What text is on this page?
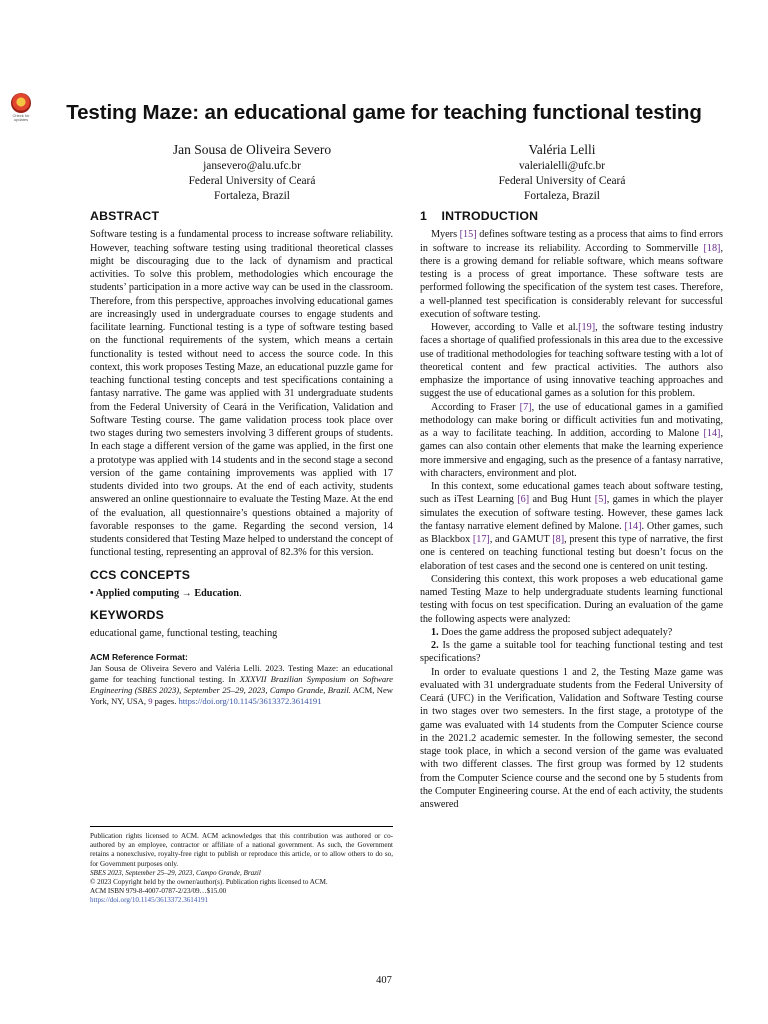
Check for updates	Testing Maze: an educational game for teaching functional testing
Jan Sousa de Oliveira Severo
jansevero@alu.ufc.br
Federal University of Ceará
Fortaleza, Brazil
Valéria Lelli
valerialelli@ufc.br
Federal University of Ceará
Fortaleza, Brazil
ABSTRACT

Software testing is a fundamental process to increase software reliability. However, teaching software testing using traditional theoretical classes might be discouraging due to the lack of dynamism and practical activities. To solve this problem, methodologies which encourage the students’ participation in a more active way can be used in the classroom. Therefore, from this perspective, approaches involving educational games are increasingly used in undergraduate courses to engage students and facilitate learning. Functional testing is a type of software testing based on the functional requirements of the system, which means a certain functionality is tested without need to access the source code. In this context, this work proposes Testing Maze, an educational puzzle game for teaching functional testing concepts and test specifications containing a fantasy narrative. The game was applied with 31 undergraduate students from the Federal University of Ceará in the Verification, Validation and Software Testing course. The game validation process took place over two stages during two semesters involving 3 different groups of students. In each stage a different version of the game was applied, in the first one a prototype was applied with 14 students and in the second stage a second version of the game containing improvements was applied with 17 students divided into two groups. At the end of each activity, students answered an online questionnaire to evaluate the Testing Maze. At the end of the evaluation, all questionnaire’s questions obtained a majority of favorable responses to the game. Regarding the second version, 14 students considered that Testing Maze helped to understand the concept of functional testing, representing an approval of 82.3% for this version.

CCS CONCEPTS

• Applied computing → Education.

KEYWORDS

educational game, functional testing, teaching

ACM Reference Format:

Jan Sousa de Oliveira Severo and Valéria Lelli. 2023. Testing Maze: an educational game for teaching functional testing. In XXXVII Brazilian Symposium on Software Engineering (SBES 2023), September 25–29, 2023, Campo Grande, Brazil. ACM, New York, NY, USA, 9 pages. https://doi.org/10.1145/3613372.3614191

Publication rights licensed to ACM. ACM acknowledges that this contribution was authored or co-authored by an employee, contractor or affiliate of a national government. As such, the Government retains a nonexclusive, royalty-free right to publish or reproduce this article, or to allow others to do so, for Government purposes only.

SBES 2023, September 25–29, 2023, Campo Grande, Brazil

© 2023 Copyright held by the owner/author(s). Publication rights licensed to ACM.

ACM ISBN 979-8-4007-0787-2/23/09…$15.00

https://doi.org/10.1145/3613372.3614191

1    INTRODUCTION

Myers [15] defines software testing as a process that aims to find errors in software to increase its reliability. According to Sommerville [18], there is a growing demand for reliable software, which means software testing is a process of great importance. These software tests are performed following the specification of the system test cases. Therefore, a well-planned test specification is considerably relevant for successful execution of software testing.

However, according to Valle et al.[19], the software testing industry faces a shortage of qualified professionals in this area due to the excessive use of traditional methodologies for teaching software testing with a lot of theoretical content and few practical activities. The authors also emphasize the importance of using innovative teaching approaches and suggest the use of educational games as a solution for this problem.

According to Fraser [7], the use of educational games in a gamified methodology can make boring or difficult activities fun and motivating, as a way to facilitate teaching. In addition, according to Malone [14], games can also contain other elements that make the learning experience more immersive and engaging, such as the presence of a fantasy narrative, with characters, environment and plot.

In this context, some educational games teach about software testing, such as iTest Learning [6] and Bug Hunt [5], games in which the player simulates the execution of software testing. However, these games lack the fantasy narrative element defined by Malone. [14]. Other games, such as Blackbox [17], and GAMUT [8], present this type of narrative, the first one is centered on teaching functional testing but doesn’t focus on the elaboration of test cases and the second one is centered on unit testing.

Considering this context, this work proposes a web educational game named Testing Maze to help undergraduate students learning functional testing with focus on test specification. During an evaluation of the game the following aspects were analyzed:

1. Does the game address the proposed subject adequately?

2. Is the game a suitable tool for teaching functional testing and test specifications?

In order to evaluate questions 1 and 2, the Testing Maze game was evaluated with 31 undergraduate students from the Federal University of Ceará (UFC) in the Verification, Validation and Software Testing course in two stages over two semesters. In the first stage, a prototype of the game was evaluated with 14 students from the Computer Science course in the 2021.2 academic semester. In the following semester, the second stage took place, in which a second version of the game was evaluated with two different classes. The first group was formed by 12 students from the Computer Science course and the second one by 5 students from the Computer Engineering course. At the end of each activity, the students answered

407
